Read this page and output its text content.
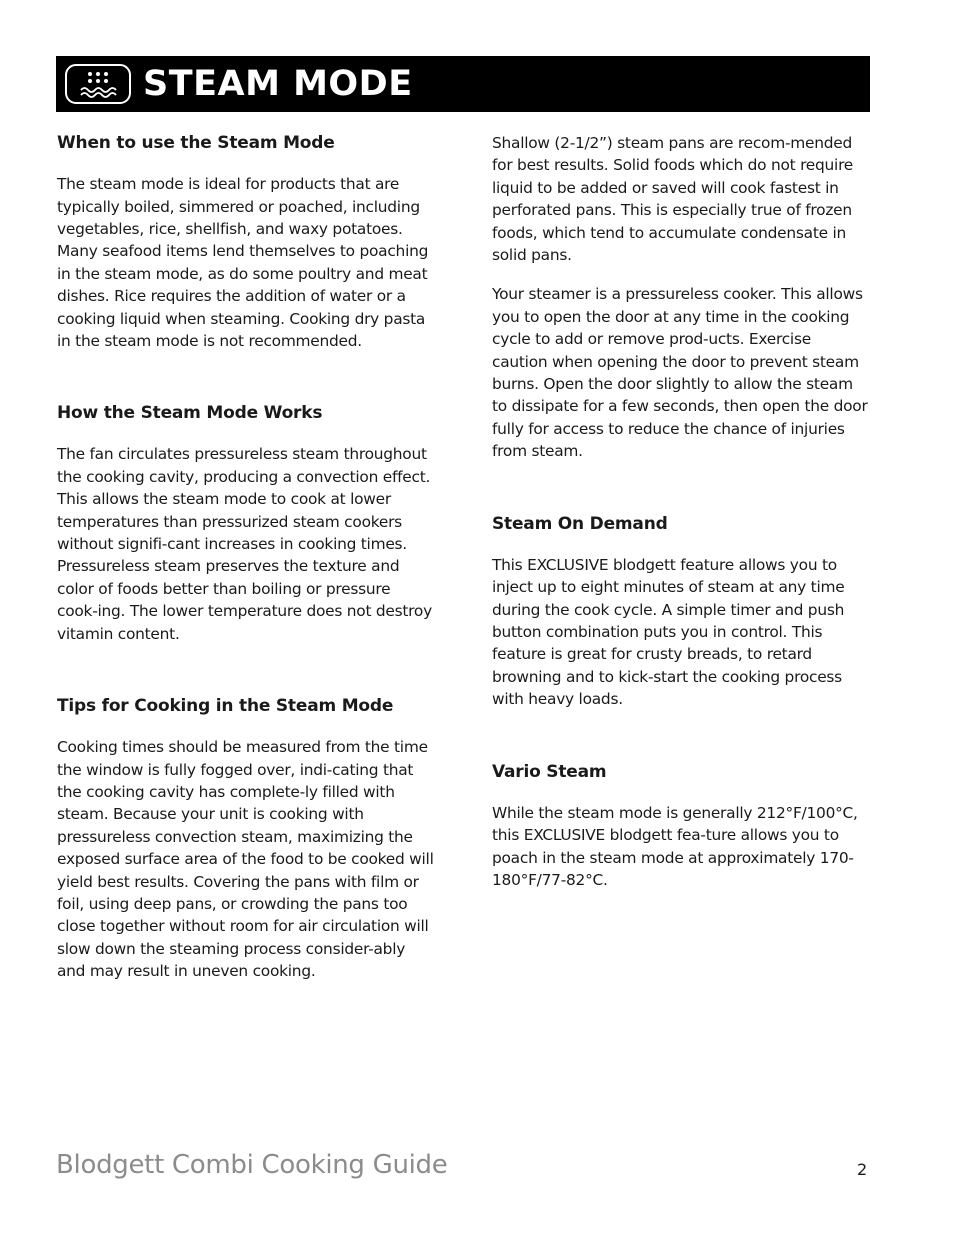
STEAM MODE
When to use the Steam Mode

The steam mode is ideal for products that are typically boiled, simmered or poached, including vegetables, rice, shellfish, and waxy potatoes. Many seafood items lend themselves to poaching in the steam mode, as do some poultry and meat dishes. Rice requires the addition of water or a cooking liquid when steaming. Cooking dry pasta in the steam mode is not recommended.

How the Steam Mode Works

The fan circulates pressureless steam throughout the cooking cavity, producing a convection effect. This allows the steam mode to cook at lower temperatures than pressurized steam cookers without signifi-cant increases in cooking times. Pressureless steam preserves the texture and color of foods better than boiling or pressure cook-ing. The lower temperature does not destroy vitamin content.

Tips for Cooking in the Steam Mode

Cooking times should be measured from the time the window is fully fogged over, indi-cating that the cooking cavity has complete-ly filled with steam. Because your unit is cooking with pressureless convection steam, maximizing the exposed surface area of the food to be cooked will yield best results. Covering the pans with film or foil, using deep pans, or crowding the pans too close together without room for air circulation will slow down the steaming process consider-ably and may result in uneven cooking.

Shallow (2-1/2”) steam pans are recom-mended for best results. Solid foods which do not require liquid to be added or saved will cook fastest in perforated pans. This is especially true of frozen foods, which tend to accumulate condensate in solid pans.

Your steamer is a pressureless cooker. This allows you to open the door at any time in the cooking cycle to add or remove prod-ucts. Exercise caution when opening the door to prevent steam burns. Open the door slightly to allow the steam to dissipate for a few seconds, then open the door fully for access to reduce the chance of injuries from steam.

Steam On Demand

This EXCLUSIVE blodgett feature allows you to inject up to eight minutes of steam at any time during the cook cycle. A simple timer and push button combination puts you in control. This feature is great for crusty breads, to retard browning and to kick-start the cooking process with heavy loads.

Vario Steam

While the steam mode is generally 212°F/100°C, this EXCLUSIVE blodgett fea-ture allows you to poach in the steam mode at approximately 170-180°F/77-82°C.

Blodgett Combi Cooking Guide	2
